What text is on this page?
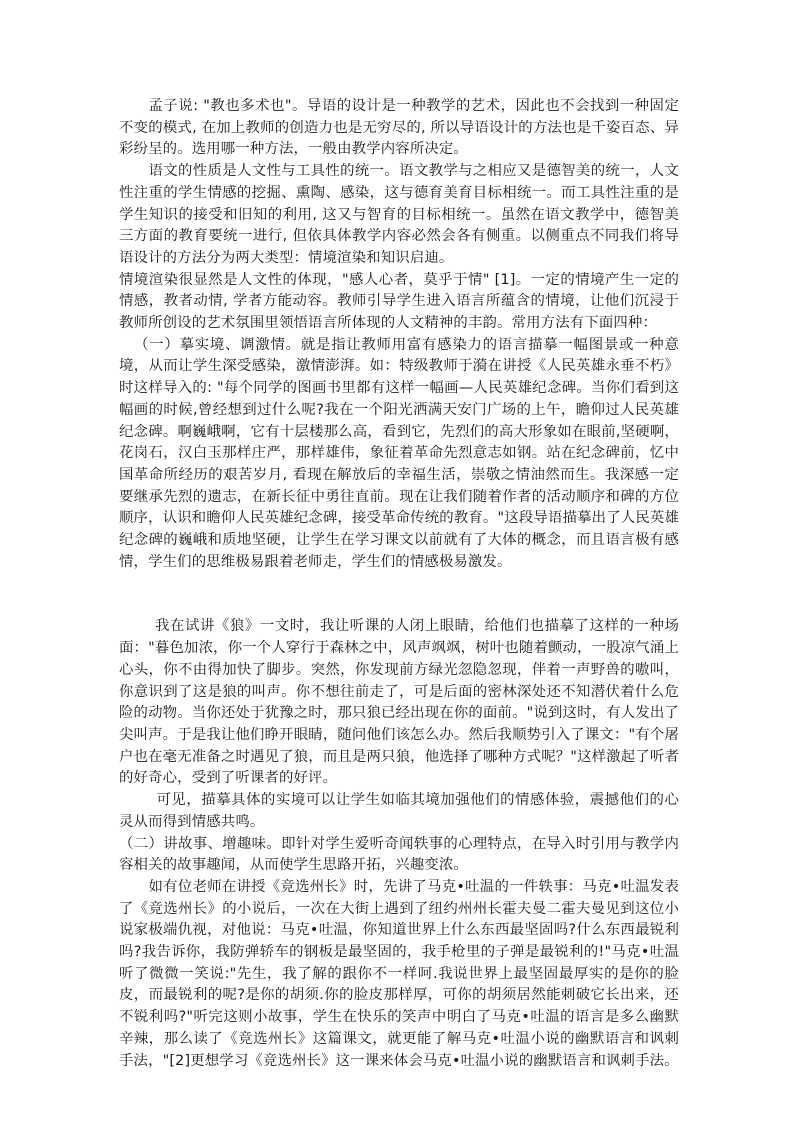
孟子说: "教也多术也"。导语的设计是一种教学的艺术，因此也不会找到一种固定不变的模式, 在加上教师的创造力也是无穷尽的, 所以导语设计的方法也是千姿百态、异彩纷呈的。选用哪一种方法，一般由教学内容所决定。

语文的性质是人文性与工具性的统一。语文教学与之相应又是德智美的统一，人文性注重的学生情感的挖掘、熏陶、感染，这与德育美育目标相统一。而工具性注重的是学生知识的接受和旧知的利用, 这又与智育的目标相统一。虽然在语文教学中，德智美三方面的教育要统一进行, 但依具体教学内容必然会各有侧重。以侧重点不同我们将导语设计的方法分为两大类型：情境渲染和知识启迪。

情境渲染很显然是人文性的体现，"感人心者，莫乎于情" [1]。一定的情境产生一定的情感，教者动情, 学者方能动容。教师引导学生进入语言所蕴含的情境，让他们沉浸于教师所创设的艺术氛围里领悟语言所体现的人文精神的丰韵。常用方法有下面四种：

（一）摹实境、调激情。就是指让教师用富有感染力的语言描摹一幅图景或一种意境，从而让学生深受感染，激情澎湃。如：特级教师于漪在讲授《人民英雄永垂不朽》时这样导入的: "每个同学的图画书里都有这样一幅画—人民英雄纪念碑。当你们看到这幅画的时候,曾经想到过什么呢?我在一个阳光洒满天安门广场的上午，瞻仰过人民英雄纪念碑。啊巍峨啊，它有十层楼那么高，看到它，先烈们的高大形象如在眼前,坚硬啊，花岗石，汉白玉那样庄严，那样雄伟，象征着革命先烈意志如钢。站在纪念碑前，忆中国革命所经历的艰苦岁月, 看现在解放后的幸福生活，崇敬之情油然而生。我深感一定要继承先烈的遗志，在新长征中勇往直前。现在让我们随着作者的活动顺序和碑的方位顺序，认识和瞻仰人民英雄纪念碑，接受革命传统的教育。"这段导语描摹出了人民英雄纪念碑的巍峨和质地坚硬，让学生在学习课文以前就有了大体的概念，而且语言极有感情，学生们的思维极易跟着老师走，学生们的情感极易激发。

我在试讲《狼》一文时，我让听课的人闭上眼睛，给他们也描摹了这样的一种场面："暮色加浓，你一个人穿行于森林之中，风声飒飒，树叶也随着颤动，一股凉气涌上心头，你不由得加快了脚步。突然，你发现前方绿光忽隐忽现，伴着一声野兽的嗷叫，你意识到了这是狼的叫声。你不想往前走了，可是后面的密林深处还不知潜伏着什么危险的动物。当你还处于犹豫之时，那只狼已经出现在你的面前。"说到这时，有人发出了尖叫声。于是我让他们睁开眼睛，随问他们该怎么办。然后我顺势引入了课文："有个屠户也在毫无准备之时遇见了狼，而且是两只狼，他选择了哪种方式呢？"这样激起了听者的好奇心，受到了听课者的好评。

可见，描摹具体的实境可以让学生如临其境加强他们的情感体验，震撼他们的心灵从而得到情感共鸣。

（二）讲故事、增趣味。即针对学生爱听奇闻轶事的心理特点，在导入时引用与教学内容相关的故事趣闻，从而使学生思路开拓，兴趣变浓。

如有位老师在讲授《竞选州长》时，先讲了马克•吐温的一件轶事：马克•吐温发表了《竞选州长》的小说后，一次在大街上遇到了纽约州州长霍夫曼二霍夫曼见到这位小说家极端仇视，对他说：马克•吐温，你知道世界上什么东西最坚固吗?什么东西最锐利吗?我告诉你，我防弹轿车的钢板是最坚固的，我手枪里的子弹是最锐利的!"马克•吐温听了微微一笑说:"先生，我了解的跟你不一样呵.我说世界上最坚固最厚实的是你的脸皮，而最锐利的呢?是你的胡须.你的脸皮那样厚，可你的胡须居然能刺破它长出来，还不锐利吗?"听完这则小故事，学生在快乐的笑声中明白了马克•吐温的语言是多么幽默辛辣，那么读了《竞选州长》这篇课文，就更能了解马克•吐温小说的幽默语言和讽刺手法，"[2]更想学习《竞选州长》这一课来体会马克•吐温小说的幽默语言和讽刺手法。
